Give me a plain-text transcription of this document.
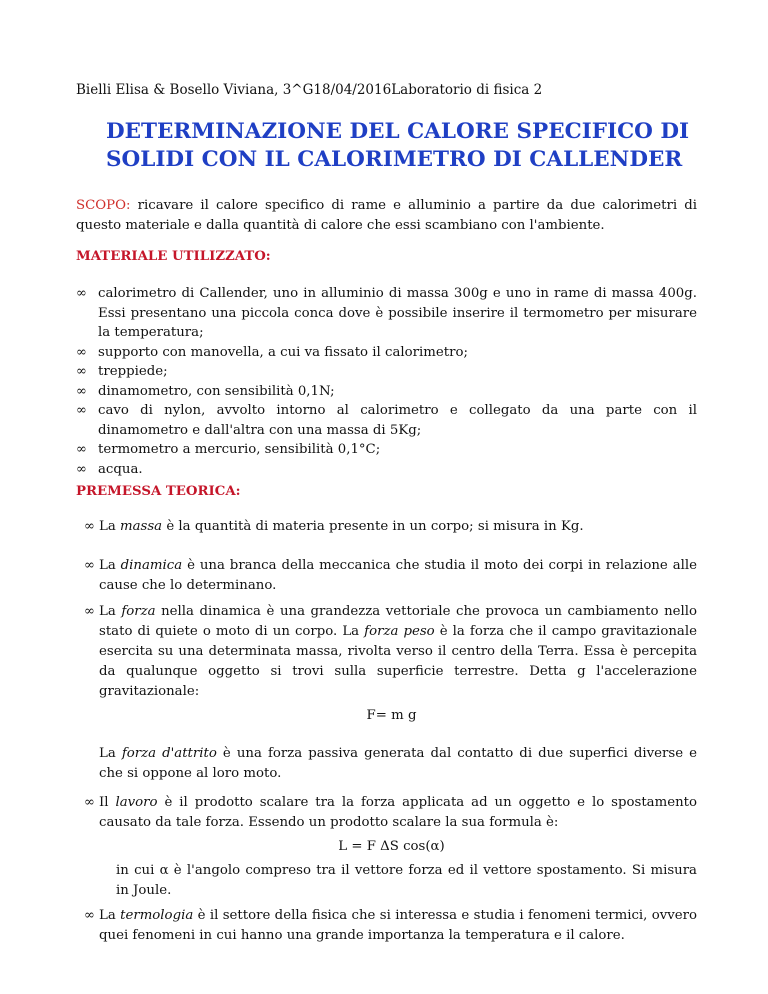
Bielli Elisa & Bosello Viviana, 3^G18/04/2016Laboratorio di fisica 2
DETERMINAZIONE DEL CALORE SPECIFICO DI
SOLIDI CON IL CALORIMETRO DI CALLENDER
SCOPO: ricavare il calore specifico di rame e alluminio a partire da due calorimetri di questo materiale e dalla quantità di calore che essi scambiano con l'ambiente.
MATERIALE UTILIZZATO:
∞ calorimetro di Callender, uno in alluminio di massa 300g e uno in rame di massa 400g. Essi presentano una piccola conca dove è possibile inserire il termometro per misurare la temperatura;
∞ supporto con manovella, a cui va fissato il calorimetro;
∞ treppiede;
∞ dinamometro, con sensibilità 0,1N;
∞ cavo di nylon, avvolto intorno al calorimetro e collegato da una parte con il dinamometro e dall'altra con una massa di 5Kg;
∞ termometro a mercurio, sensibilità 0,1°C;
∞ acqua.
PREMESSA TEORICA:
∞ La massa è la quantità di materia presente in un corpo; si misura in Kg.
∞ La dinamica è una branca della meccanica che studia il moto dei corpi in relazione alle cause che lo determinano.
∞ La forza nella dinamica è una grandezza vettoriale che provoca un cambiamento nello stato di quiete o moto di un corpo. La forza peso è la forza che il campo gravitazionale esercita su una determinata massa, rivolta verso il centro della Terra. Essa è percepita da qualunque oggetto si trovi sulla superficie terrestre. Detta g l'accelerazione gravitazionale:
F= m g
La forza d'attrito è una forza passiva generata dal contatto di due superfici diverse e che si oppone al loro moto.
∞ Il lavoro è il prodotto scalare tra la forza applicata ad un oggetto e lo spostamento causato da tale forza. Essendo un prodotto scalare la sua formula è:
L = F ΔS cos(α)
in cui α è l'angolo compreso tra il vettore forza ed il vettore spostamento. Si misura in Joule.
∞ La termologia è il settore della fisica che si interessa e studia i fenomeni termici, ovvero quei fenomeni in cui hanno una grande importanza la temperatura e il calore.
